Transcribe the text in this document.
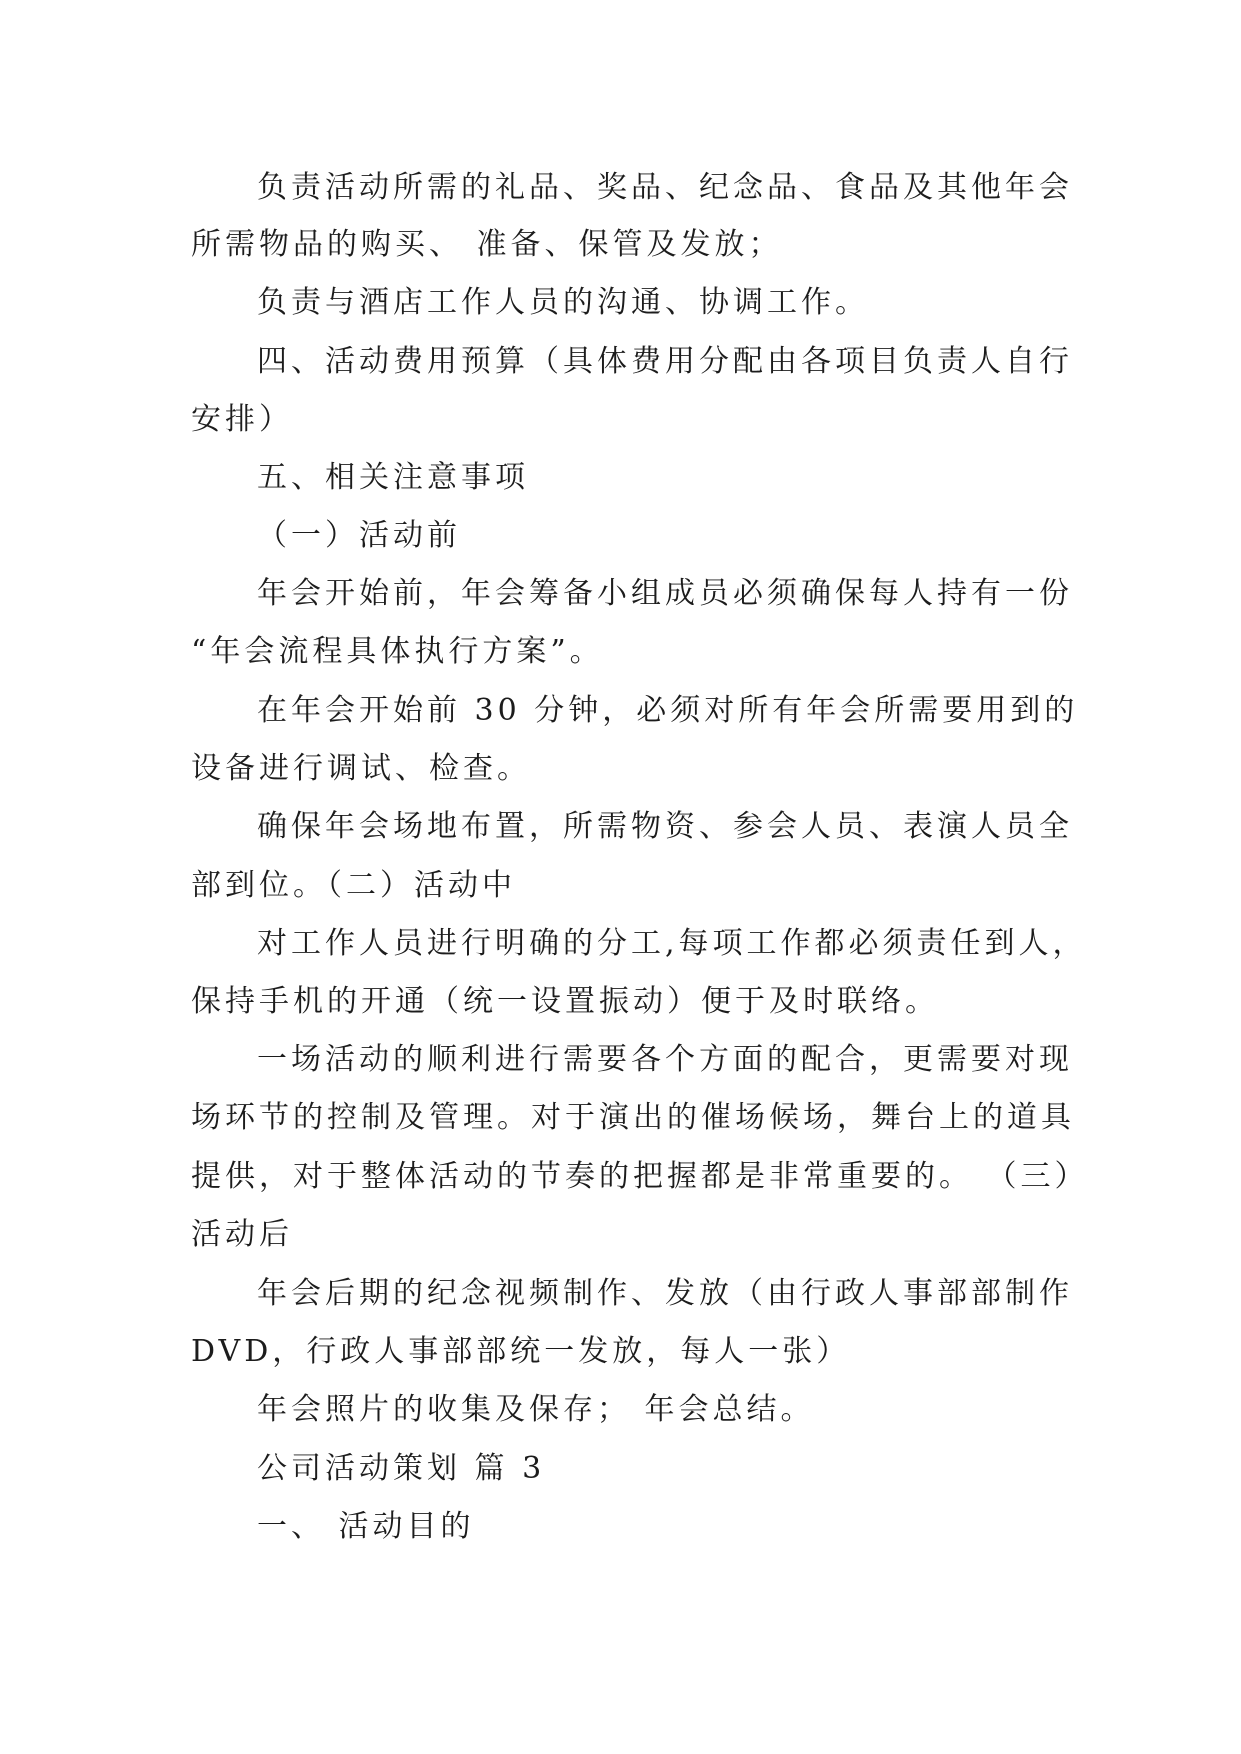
负责活动所需的礼品、奖品、纪念品、食品及其他年会
所需物品的购买、 准备、保管及发放；
负责与酒店工作人员的沟通、协调工作。
四、活动费用预算（具体费用分配由各项目负责人自行
安排）
五、相关注意事项
（一）活动前
年会开始前，年会筹备小组成员必须确保每人持有一份
“年会流程具体执行方案”。
在年会开始前 30 分钟，必须对所有年会所需要用到的
设备进行调试、检查。
确保年会场地布置，所需物资、参会人员、表演人员全
部到位。（二）活动中
对工作人员进行明确的分工,每项工作都必须责任到人，
保持手机的开通（统一设置振动）便于及时联络。
一场活动的顺利进行需要各个方面的配合，更需要对现
场环节的控制及管理。对于演出的催场候场，舞台上的道具
提供，对于整体活动的节奏的把握都是非常重要的。 （三）
活动后
年会后期的纪念视频制作、发放（由行政人事部部制作
DVD，行政人事部部统一发放，每人一张）
年会照片的收集及保存； 年会总结。
公司活动策划 篇 3
一、 活动目的
